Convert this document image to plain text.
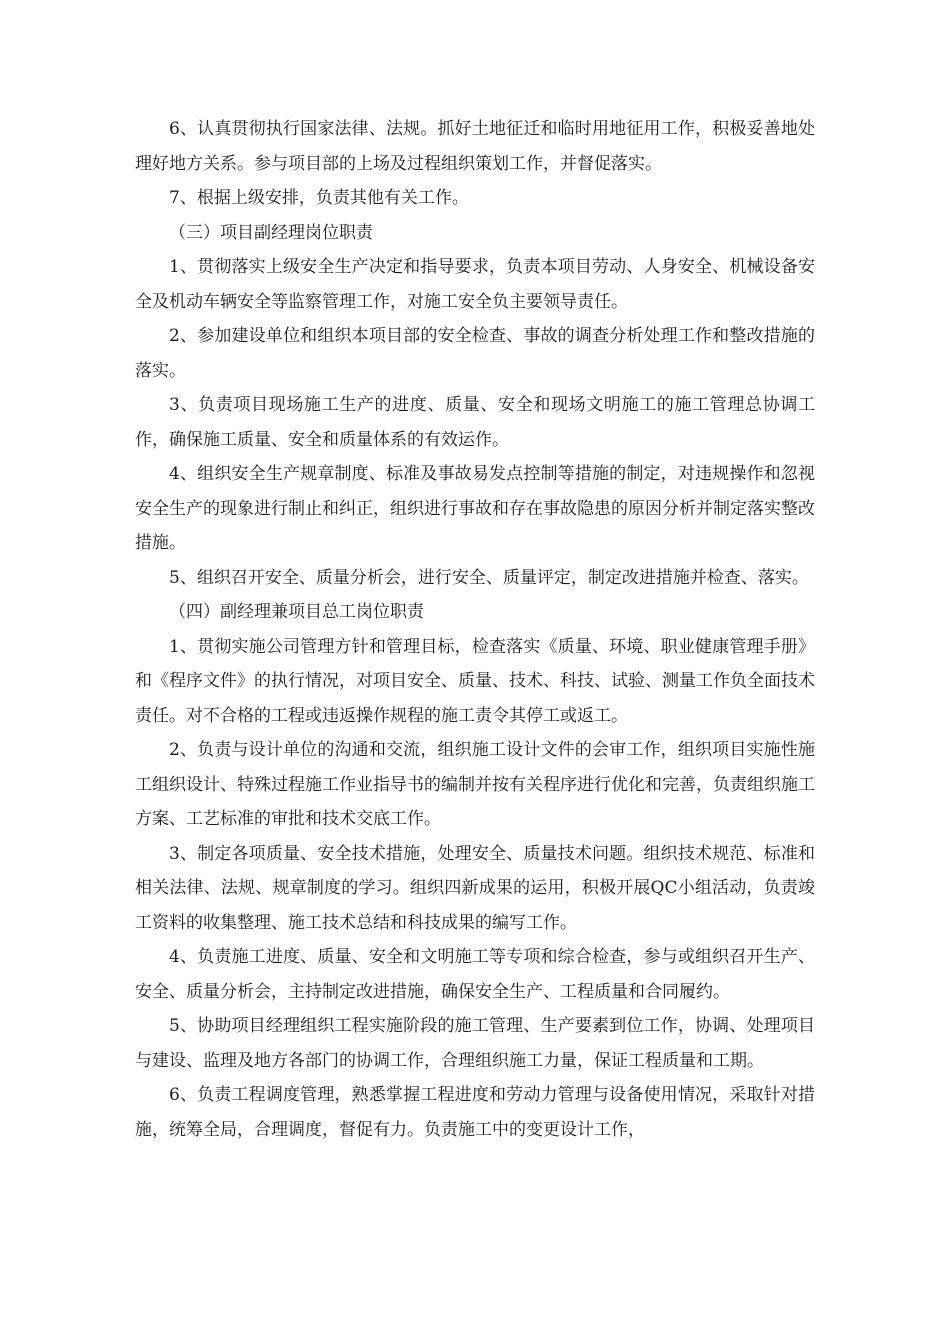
6、认真贯彻执行国家法律、法规。抓好土地征迁和临时用地征用工作，积极妥善地处理好地方关系。参与项目部的上场及过程组织策划工作，并督促落实。

7、根据上级安排，负责其他有关工作。

（三）项目副经理岗位职责

1、贯彻落实上级安全生产决定和指导要求，负责本项目劳动、人身安全、机械设备安全及机动车辆安全等监察管理工作，对施工安全负主要领导责任。

2、参加建设单位和组织本项目部的安全检查、事故的调查分析处理工作和整改措施的落实。

3、负责项目现场施工生产的进度、质量、安全和现场文明施工的施工管理总协调工作，确保施工质量、安全和质量体系的有效运作。

4、组织安全生产规章制度、标准及事故易发点控制等措施的制定，对违规操作和忽视安全生产的现象进行制止和纠正，组织进行事故和存在事故隐患的原因分析并制定落实整改措施。

5、组织召开安全、质量分析会，进行安全、质量评定，制定改进措施并检查、落实。

（四）副经理兼项目总工岗位职责

1、贯彻实施公司管理方针和管理目标，检查落实《质量、环境、职业健康管理手册》和《程序文件》的执行情况，对项目安全、质量、技术、科技、试验、测量工作负全面技术责任。对不合格的工程或违返操作规程的施工责令其停工或返工。

2、负责与设计单位的沟通和交流，组织施工设计文件的会审工作，组织项目实施性施工组织设计、特殊过程施工作业指导书的编制并按有关程序进行优化和完善，负责组织施工方案、工艺标准的审批和技术交底工作。

3、制定各项质量、安全技术措施，处理安全、质量技术问题。组织技术规范、标准和相关法律、法规、规章制度的学习。组织四新成果的运用，积极开展QC小组活动，负责竣工资料的收集整理、施工技术总结和科技成果的编写工作。

4、负责施工进度、质量、安全和文明施工等专项和综合检查，参与或组织召开生产、安全、质量分析会，主持制定改进措施，确保安全生产、工程质量和合同履约。

5、协助项目经理组织工程实施阶段的施工管理、生产要素到位工作，协调、处理项目与建设、监理及地方各部门的协调工作，合理组织施工力量，保证工程质量和工期。

6、负责工程调度管理，熟悉掌握工程进度和劳动力管理与设备使用情况，采取针对措施，统筹全局，合理调度，督促有力。负责施工中的变更设计工作，
